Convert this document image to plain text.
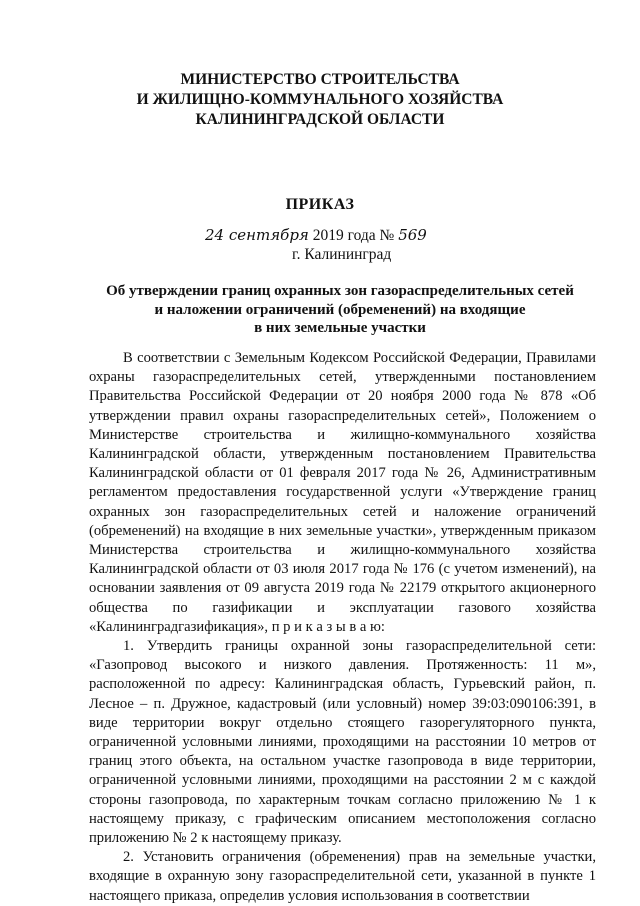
МИНИСТЕРСТВО СТРОИТЕЛЬСТВА
И ЖИЛИЩНО-КОММУНАЛЬНОГО ХОЗЯЙСТВА
КАЛИНИНГРАДСКОЙ ОБЛАСТИ
ПРИКАЗ
24 сентября 2019 года № 569
г. Калининград
Об утверждении границ охранных зон газораспределительных сетей
и наложении ограничений (обременений) на входящие
в них земельные участки

В соответствии с Земельным Кодексом Российской Федерации, Правилами охраны газораспределительных сетей, утвержденными постановлением Правительства Российской Федерации от 20 ноября 2000 года № 878 «Об утверждении правил охраны газораспределительных сетей», Положением о Министерстве строительства и жилищно-коммунального хозяйства Калининградской области, утвержденным постановлением Правительства Калининградской области от 01 февраля 2017 года № 26, Административным регламентом предоставления государственной услуги «Утверждение границ охранных зон газораспределительных сетей и наложение ограничений (обременений) на входящие в них земельные участки», утвержденным приказом Министерства строительства и жилищно-коммунального хозяйства Калининградской области от 03 июля 2017 года № 176 (с учетом изменений), на основании заявления от 09 августа 2019 года № 22179 открытого акционерного общества по газификации и эксплуатации газового хозяйства «Калининградгазификация», п р и к а з ы в а ю:

1. Утвердить границы охранной зоны газораспределительной сети: «Газопровод высокого и низкого давления. Протяженность: 11 м», расположенной по адресу: Калининградская область, Гурьевский район, п. Лесное – п. Дружное, кадастровый (или условный) номер 39:03:090106:391, в виде территории вокруг отдельно стоящего газорегуляторного пункта, ограниченной условными линиями, проходящими на расстоянии 10 метров от границ этого объекта, на остальном участке газопровода в виде территории, ограниченной условными линиями, проходящими на расстоянии 2 м с каждой стороны газопровода, по характерным точкам согласно приложению № 1 к настоящему приказу, с графическим описанием местоположения согласно приложению № 2 к настоящему приказу.

2. Установить ограничения (обременения) прав на земельные участки, входящие в охранную зону газораспределительной сети, указанной в пункте 1 настоящего приказа, определив условия использования в соответствии
